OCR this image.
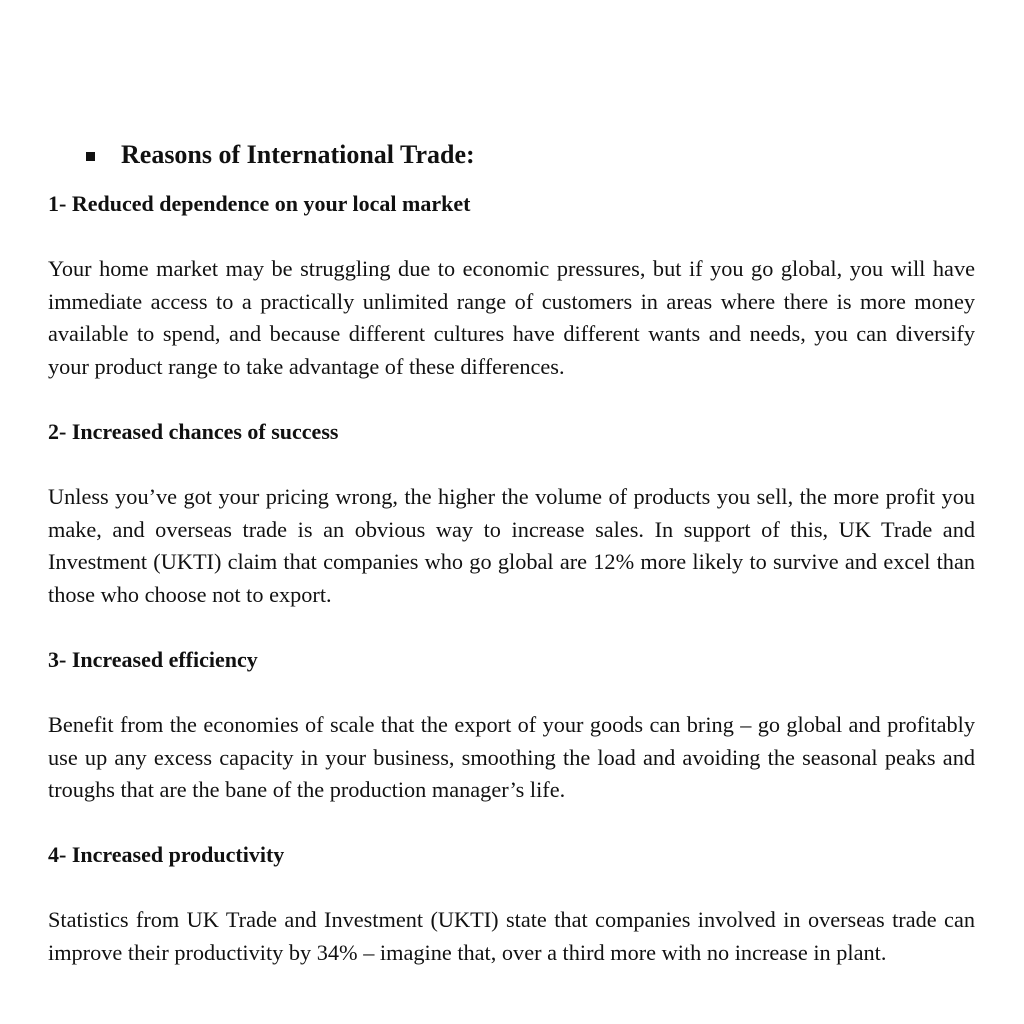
Reasons of International Trade:
1- Reduced dependence on your local market

Your home market may be struggling due to economic pressures, but if you go global, you will have immediate access to a practically unlimited range of customers in areas where there is more money available to spend, and because different cultures have different wants and needs, you can diversify your product range to take advantage of these differences.

2- Increased chances of success

Unless you’ve got your pricing wrong, the higher the volume of products you sell, the more profit you make, and overseas trade is an obvious way to increase sales. In support of this, UK Trade and Investment (UKTI) claim that companies who go global are 12% more likely to survive and excel than those who choose not to export.

3- Increased efficiency

Benefit from the economies of scale that the export of your goods can bring – go global and profitably use up any excess capacity in your business, smoothing the load and avoiding the seasonal peaks and troughs that are the bane of the production manager’s life.

4- Increased productivity

Statistics from UK Trade and Investment (UKTI) state that companies involved in overseas trade can improve their productivity by 34% – imagine that, over a third more with no increase in plant.
